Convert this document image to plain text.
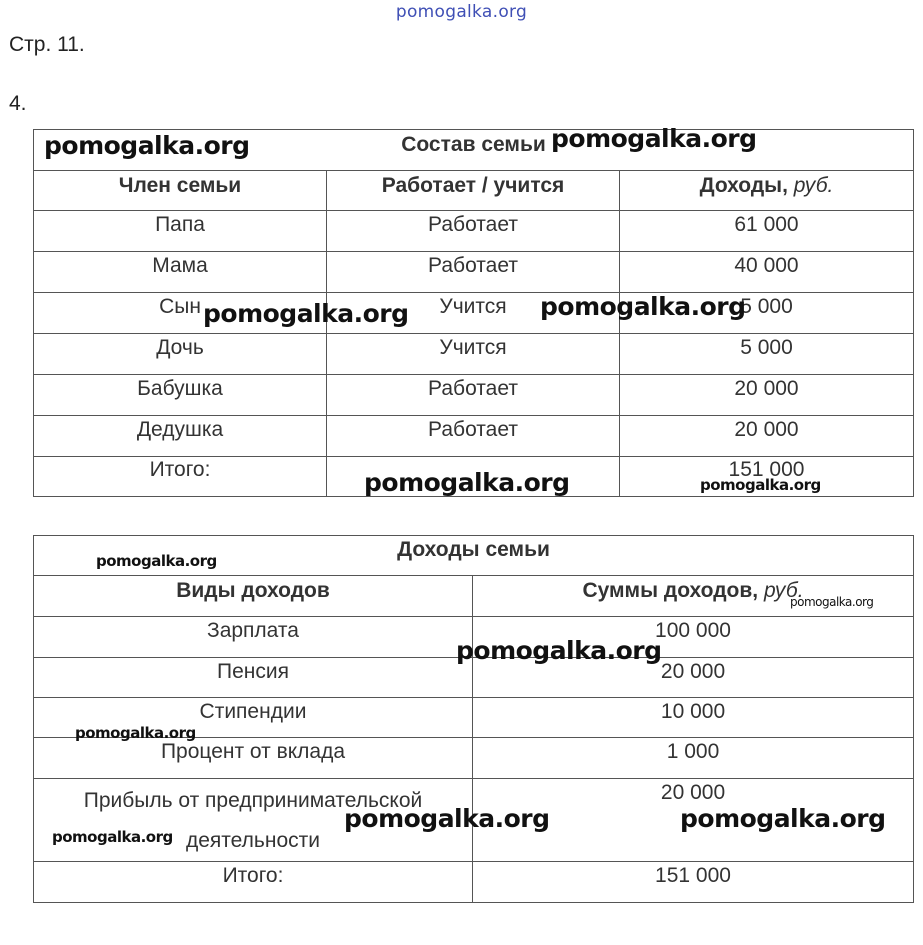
pomogalka.org
Стр. 11.
4.
Состав семьи		

Член семьи	Работает / учится	Доходы, руб.

Папа	Работает	61 000

Мама	Работает	40 000

Сын	Учится	5 000

Дочь	Учится	5 000

Бабушка	Работает	20 000

Дедушка	Работает	20 000

Итого:		151 000
Доходы семьи	

Виды доходов	Суммы доходов, руб.

Зарплата	100 000

Пенсия	20 000

Стипендии	10 000

Процент от вклада	1 000

Прибыль от предпринимательской
деятельности	20 000

Итого:	151 000
pomogalka.org	pomogalka.org
pomogalka.org	pomogalka.org
pomogalka.org	pomogalka.org
pomogalka.org
pomogalka.org
pomogalka.org
pomogalka.org
pomogalka.org	pomogalka.org
pomogalka.org
